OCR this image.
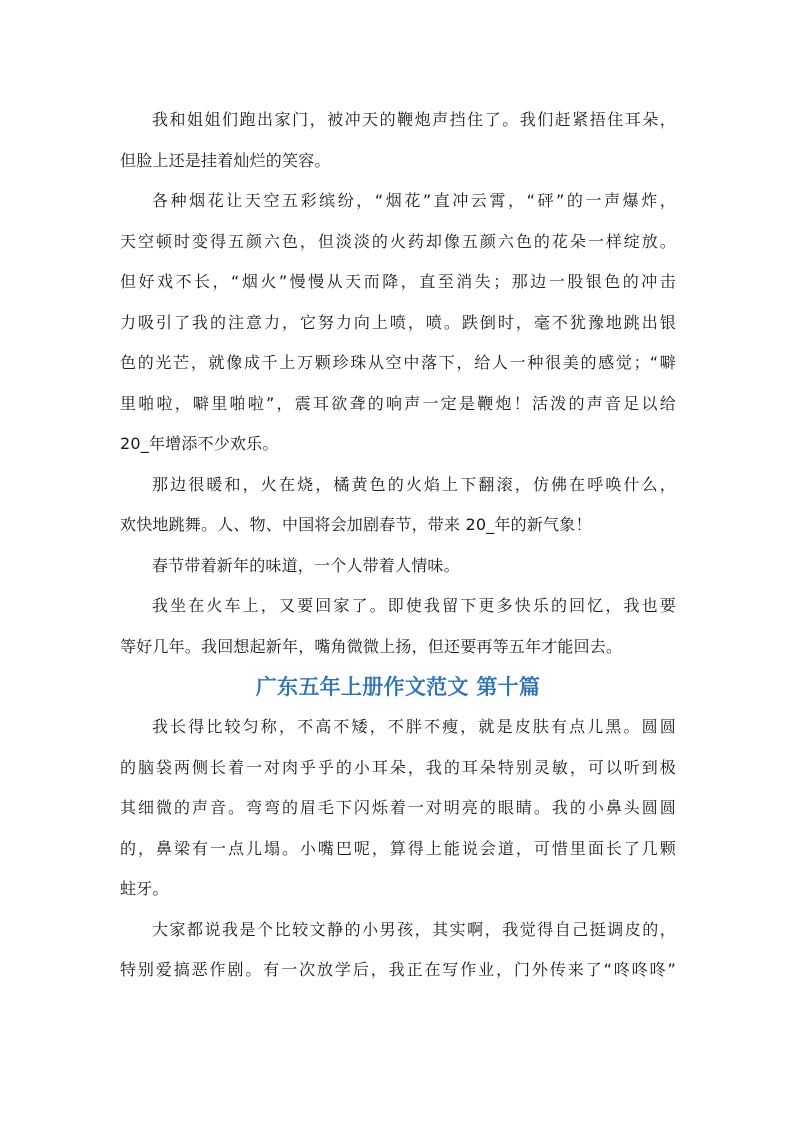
我和姐姐们跑出家门，被冲天的鞭炮声挡住了。我们赶紧捂住耳朵，
但脸上还是挂着灿烂的笑容。
各种烟花让天空五彩缤纷，“烟花”直冲云霄，“砰”的一声爆炸，
天空顿时变得五颜六色，但淡淡的火药却像五颜六色的花朵一样绽放。
但好戏不长，“烟火”慢慢从天而降，直至消失；那边一股银色的冲击
力吸引了我的注意力，它努力向上喷，喷。跌倒时，毫不犹豫地跳出银
色的光芒，就像成千上万颗珍珠从空中落下，给人一种很美的感觉；“噼
里啪啦，噼里啪啦”，震耳欲聋的响声一定是鞭炮！活泼的声音足以给
20_年增添不少欢乐。
那边很暖和，火在烧，橘黄色的火焰上下翻滚，仿佛在呼唤什么，
欢快地跳舞。人、物、中国将会加剧春节，带来 20_年的新气象！
春节带着新年的味道，一个人带着人情味。
我坐在火车上，又要回家了。即使我留下更多快乐的回忆，我也要
等好几年。我回想起新年，嘴角微微上扬，但还要再等五年才能回去。
广东五年上册作文范文 第十篇
我长得比较匀称，不高不矮，不胖不瘦，就是皮肤有点儿黑。圆圆
的脑袋两侧长着一对肉乎乎的小耳朵，我的耳朵特别灵敏，可以听到极
其细微的声音。弯弯的眉毛下闪烁着一对明亮的眼睛。我的小鼻头圆圆
的，鼻梁有一点儿塌。小嘴巴呢，算得上能说会道，可惜里面长了几颗
蛀牙。
大家都说我是个比较文静的小男孩，其实啊，我觉得自己挺调皮的，
特别爱搞恶作剧。有一次放学后，我正在写作业，门外传来了“咚咚咚”
